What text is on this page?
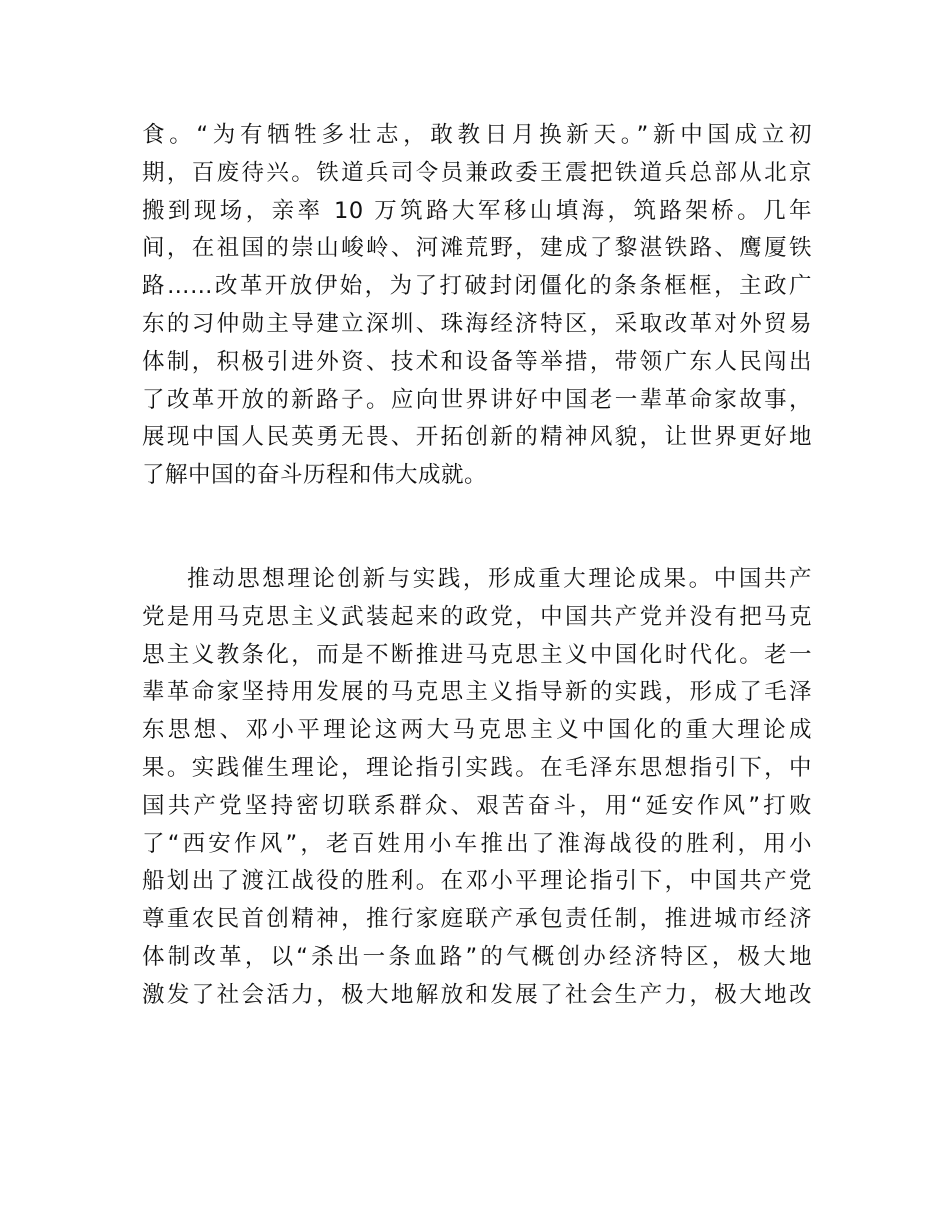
食。“为有牺牲多壮志，敢教日月换新天。”新中国成立初
期，百废待兴。铁道兵司令员兼政委王震把铁道兵总部从北京
搬到现场，亲率 10 万筑路大军移山填海，筑路架桥。几年
间，在祖国的崇山峻岭、河滩荒野，建成了黎湛铁路、鹰厦铁
路……改革开放伊始，为了打破封闭僵化的条条框框，主政广
东的习仲勋主导建立深圳、珠海经济特区，采取改革对外贸易
体制，积极引进外资、技术和设备等举措，带领广东人民闯出
了改革开放的新路子。应向世界讲好中国老一辈革命家故事，
展现中国人民英勇无畏、开拓创新的精神风貌，让世界更好地
了解中国的奋斗历程和伟大成就。
推动思想理论创新与实践，形成重大理论成果。中国共产
党是用马克思主义武装起来的政党，中国共产党并没有把马克
思主义教条化，而是不断推进马克思主义中国化时代化。老一
辈革命家坚持用发展的马克思主义指导新的实践，形成了毛泽
东思想、邓小平理论这两大马克思主义中国化的重大理论成
果。实践催生理论，理论指引实践。在毛泽东思想指引下，中
国共产党坚持密切联系群众、艰苦奋斗，用“延安作风”打败
了“西安作风”，老百姓用小车推出了淮海战役的胜利，用小
船划出了渡江战役的胜利。在邓小平理论指引下，中国共产党
尊重农民首创精神，推行家庭联产承包责任制，推进城市经济
体制改革，以“杀出一条血路”的气概创办经济特区，极大地
激发了社会活力，极大地解放和发展了社会生产力，极大地改
